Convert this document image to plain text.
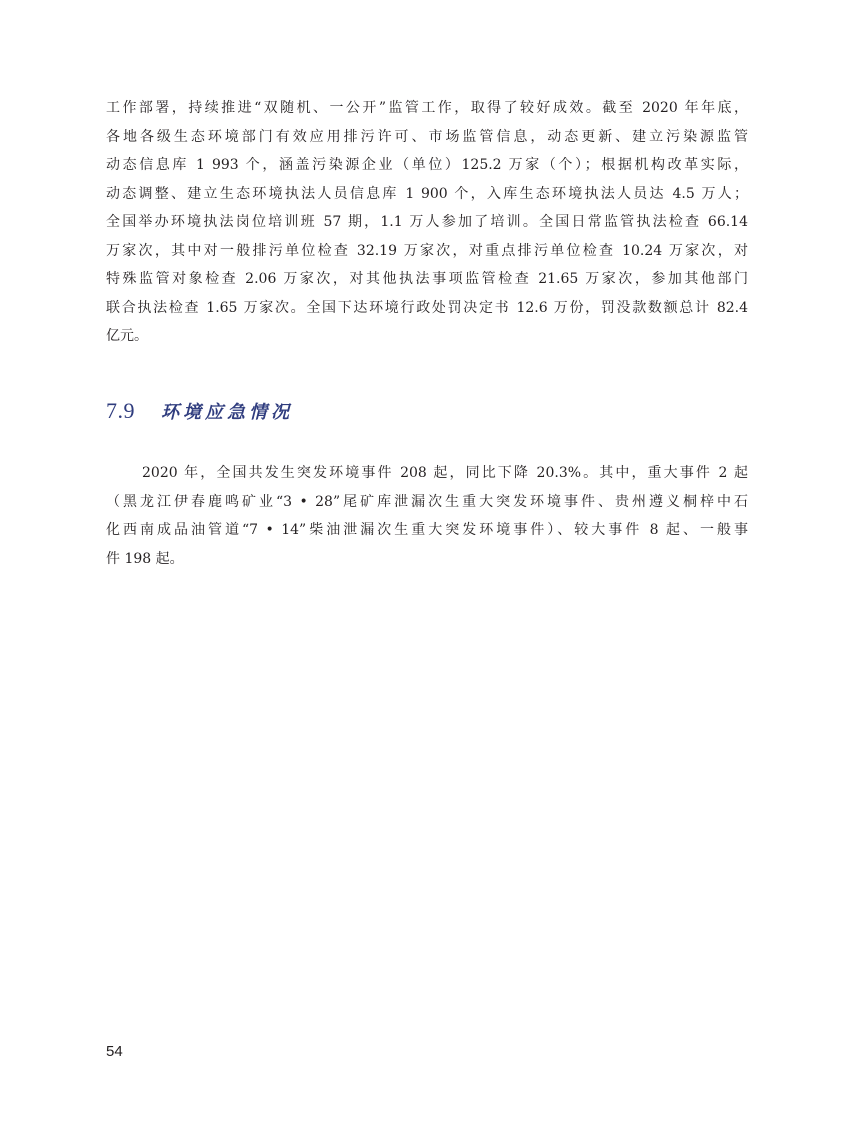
工作部署，持续推进“双随机、一公开”监管工作，取得了较好成效。截至 2020 年年底，
各地各级生态环境部门有效应用排污许可、市场监管信息，动态更新、建立污染源监管
动态信息库 1 993 个，涵盖污染源企业（单位）125.2 万家（个）；根据机构改革实际，
动态调整、建立生态环境执法人员信息库 1 900 个，入库生态环境执法人员达 4.5 万人；
全国举办环境执法岗位培训班 57 期，1.1 万人参加了培训。全国日常监管执法检查 66.14
万家次，其中对一般排污单位检查 32.19 万家次，对重点排污单位检查 10.24 万家次，对
特殊监管对象检查 2.06 万家次，对其他执法事项监管检查 21.65 万家次，参加其他部门
联合执法检查 1.65 万家次。全国下达环境行政处罚决定书 12.6 万份，罚没款数额总计 82.4
亿元。

7.9 环境应急情况

2020 年，全国共发生突发环境事件 208 起，同比下降 20.3%。其中，重大事件 2 起
（黑龙江伊春鹿鸣矿业“3 • 28”尾矿库泄漏次生重大突发环境事件、贵州遵义桐梓中石
化西南成品油管道“7 • 14”柴油泄漏次生重大突发环境事件）、较大事件 8 起、一般事
件 198 起。

54
